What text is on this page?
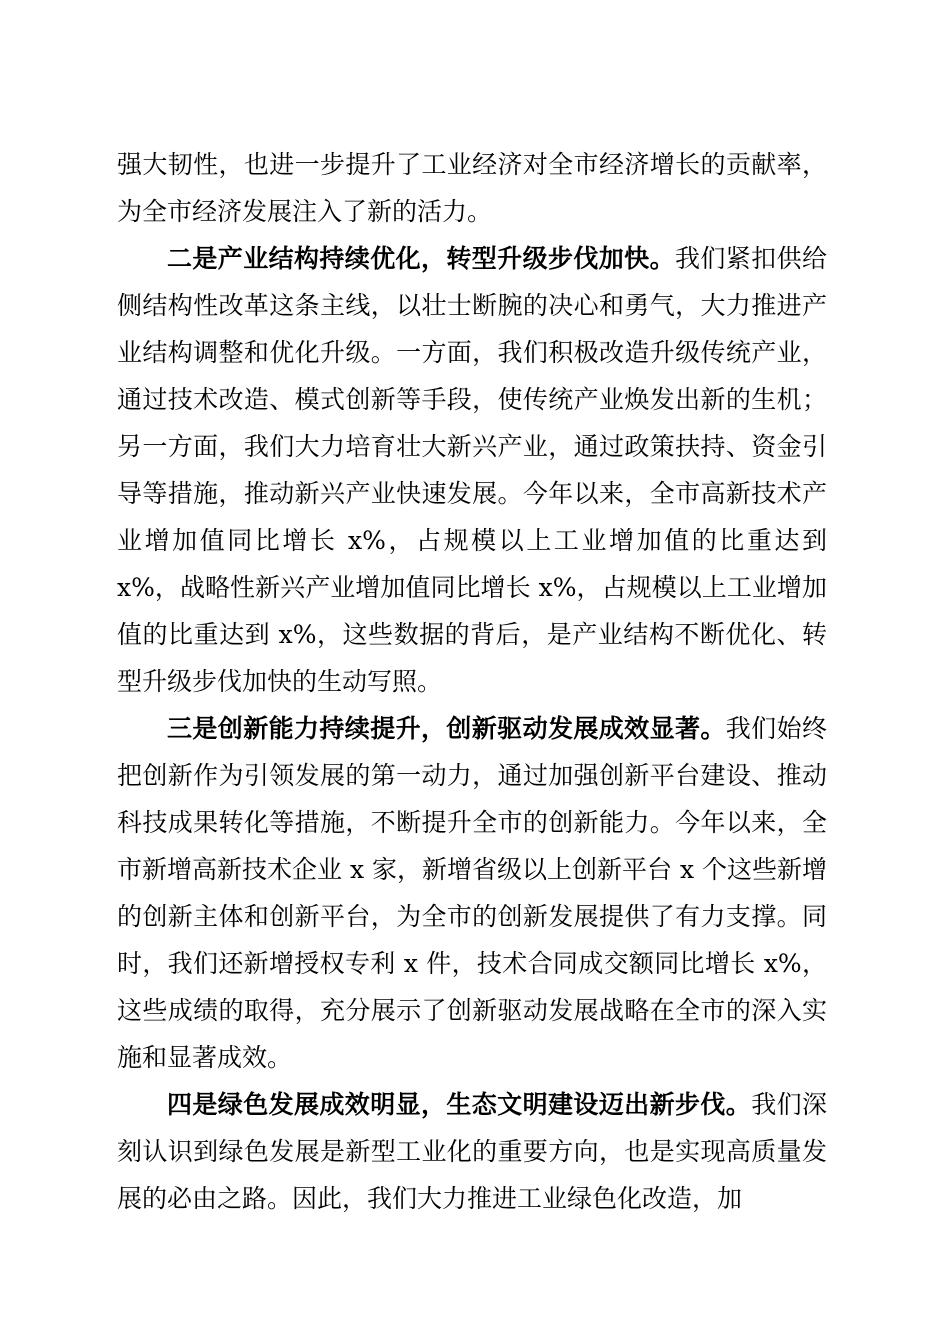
强大韧性，也进一步提升了工业经济对全市经济增长的贡献率，为全市经济发展注入了新的活力。

二是产业结构持续优化，转型升级步伐加快。我们紧扣供给侧结构性改革这条主线，以壮士断腕的决心和勇气，大力推进产业结构调整和优化升级。一方面，我们积极改造升级传统产业，通过技术改造、模式创新等手段，使传统产业焕发出新的生机；另一方面，我们大力培育壮大新兴产业，通过政策扶持、资金引导等措施，推动新兴产业快速发展。今年以来，全市高新技术产业增加值同比增长 x%，占规模以上工业增加值的比重达到 x%，战略性新兴产业增加值同比增长 x%，占规模以上工业增加值的比重达到 x%，这些数据的背后，是产业结构不断优化、转型升级步伐加快的生动写照。

三是创新能力持续提升，创新驱动发展成效显著。我们始终把创新作为引领发展的第一动力，通过加强创新平台建设、推动科技成果转化等措施，不断提升全市的创新能力。今年以来，全市新增高新技术企业 x 家，新增省级以上创新平台 x 个这些新增的创新主体和创新平台，为全市的创新发展提供了有力支撑。同时，我们还新增授权专利 x 件，技术合同成交额同比增长 x%，这些成绩的取得，充分展示了创新驱动发展战略在全市的深入实施和显著成效。

四是绿色发展成效明显，生态文明建设迈出新步伐。我们深刻认识到绿色发展是新型工业化的重要方向，也是实现高质量发展的必由之路。因此，我们大力推进工业绿色化改造，加
